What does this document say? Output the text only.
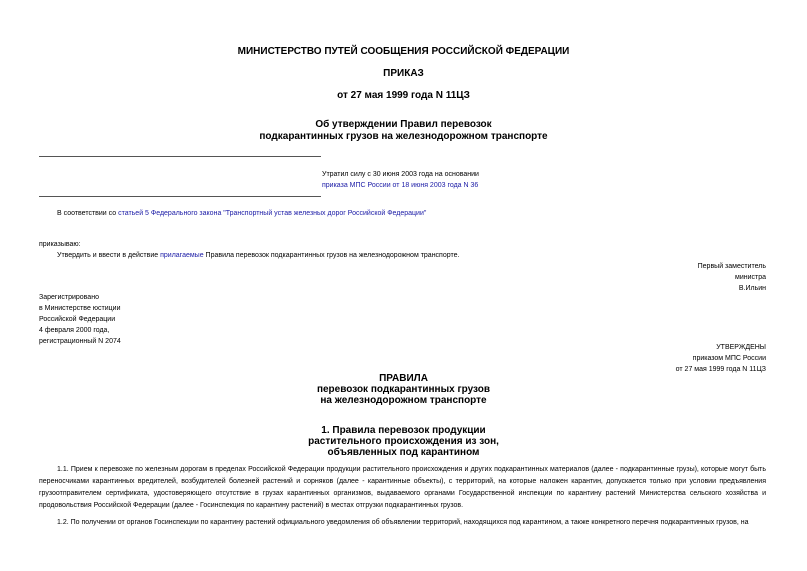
МИНИСТЕРСТВО ПУТЕЙ СООБЩЕНИЯ РОССИЙСКОЙ ФЕДЕРАЦИИ
ПРИКАЗ
от 27 мая 1999 года N 11ЦЗ
Об утверждении Правил перевозок
подкарантинных грузов на железнодорожном транспорте
Утратил силу с 30 июня 2003 года на основании
приказа МПС России от 18 июня 2003 года N 36
В соответствии со статьей 5 Федерального закона "Транспортный устав железных дорог Российской Федерации"
приказываю:
Утвердить и ввести в действие прилагаемые Правила перевозок подкарантинных грузов на железнодорожном транспорте.
Первый заместитель
министра
В.Ильин
Зарегистрировано
в Министерстве юстиции
Российской Федерации
4 февраля 2000 года,
регистрационный N 2074
УТВЕРЖДЕНЫ
приказом МПС России
от 27 мая 1999 года N 11ЦЗ
ПРАВИЛА
перевозок подкарантинных грузов
на железнодорожном транспорте
1. Правила перевозок продукции
растительного происхождения из зон,
объявленных под карантином
1.1. Прием к перевозке по железным дорогам в пределах Российской Федерации продукции растительного происхождения и других подкарантинных материалов (далее - подкарантинные грузы), которые могут быть переносчиками карантинных вредителей, возбудителей болезней растений и сорняков (далее - карантинные объекты), с территорий, на которые наложен карантин, допускается только при условии предъявления грузоотправителем сертификата, удостоверяющего отсутствие в грузах карантинных организмов, выдаваемого органами Государственной инспекции по карантину растений Министерства сельского хозяйства и продовольствия Российской Федерации (далее - Госинспекция по карантину растений) в местах отгрузки подкарантинных грузов.
1.2. По получении от органов Госинспекции по карантину растений официального уведомления об объявлении территорий, находящихся под карантином, а также конкретного перечня подкарантинных грузов, на
